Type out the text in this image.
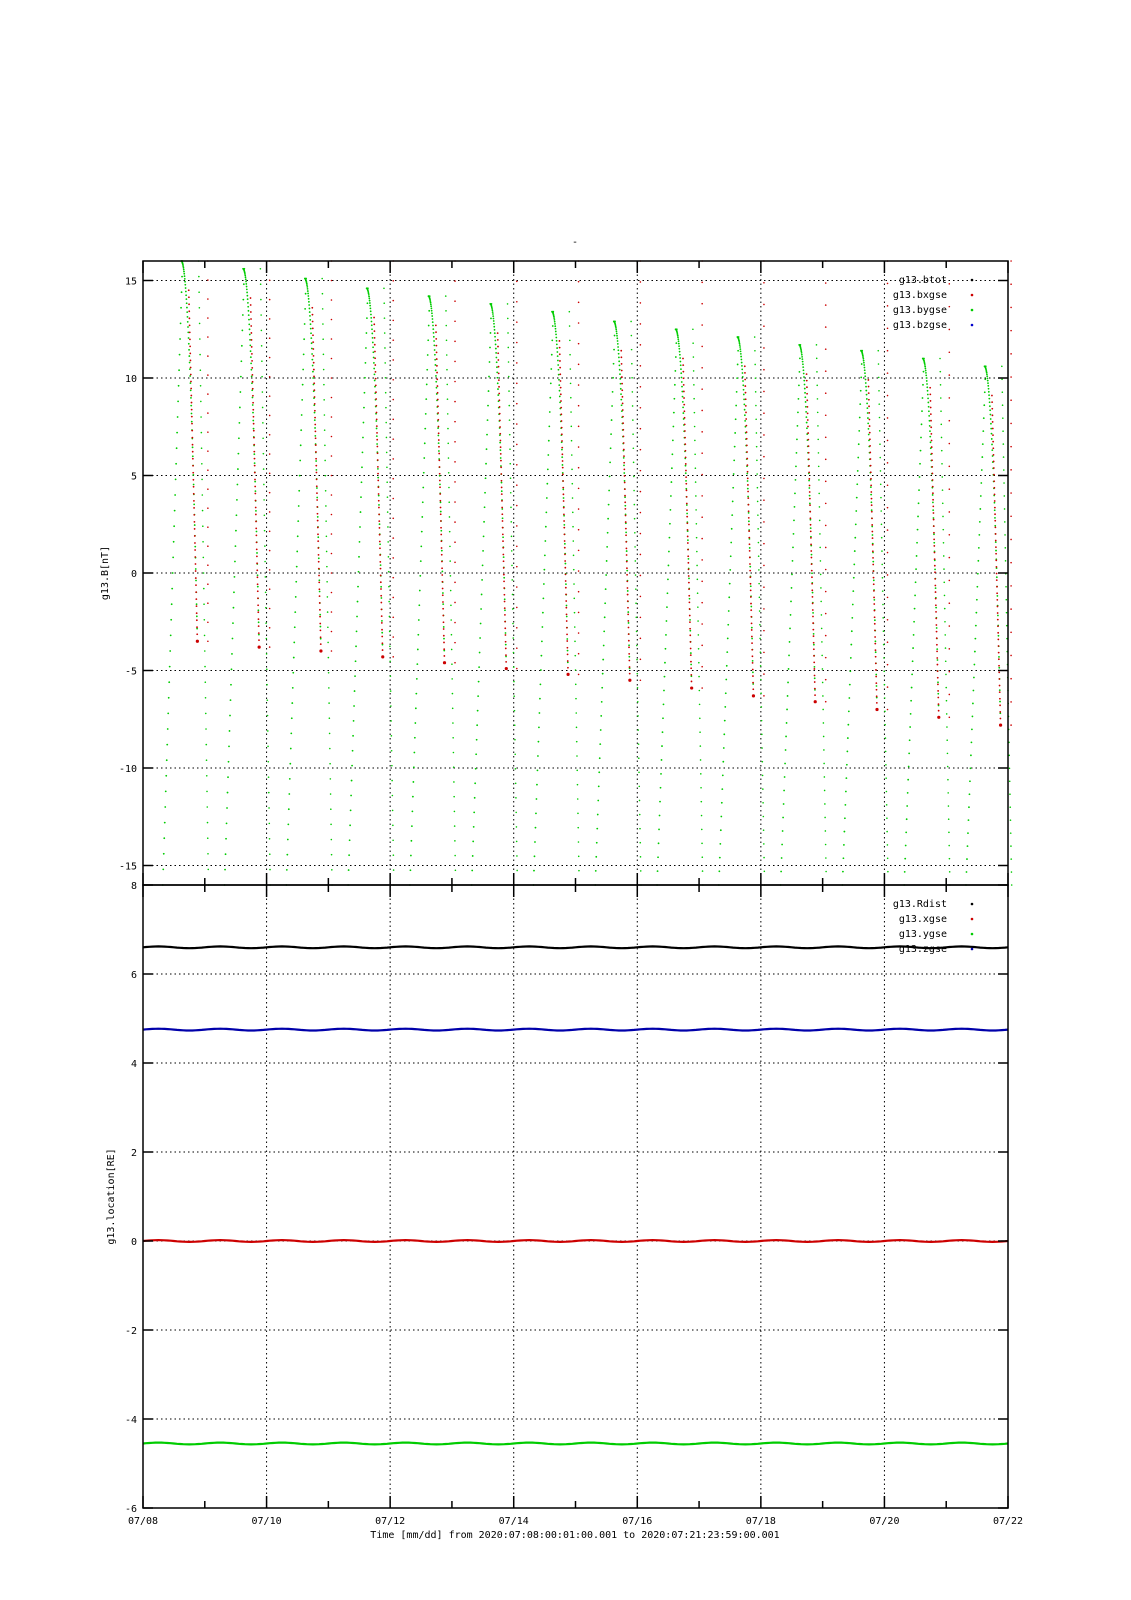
-
-15
-10
-5
0
5
10
15
g13.B[nT]
g13.btot
g13.bxgse
g13.bygse
g13.bzgse
-6
-4
-2
0
2
4
6
8
07/08	07/10	07/12	07/14	07/16	07/18	07/20	07/22
g13.location[RE]
g13.Rdist
g13.xgse
g13.ygse
g13.zgse
Time [mm/dd] from 2020:07:08:00:01:00.001 to 2020:07:21:23:59:00.001
